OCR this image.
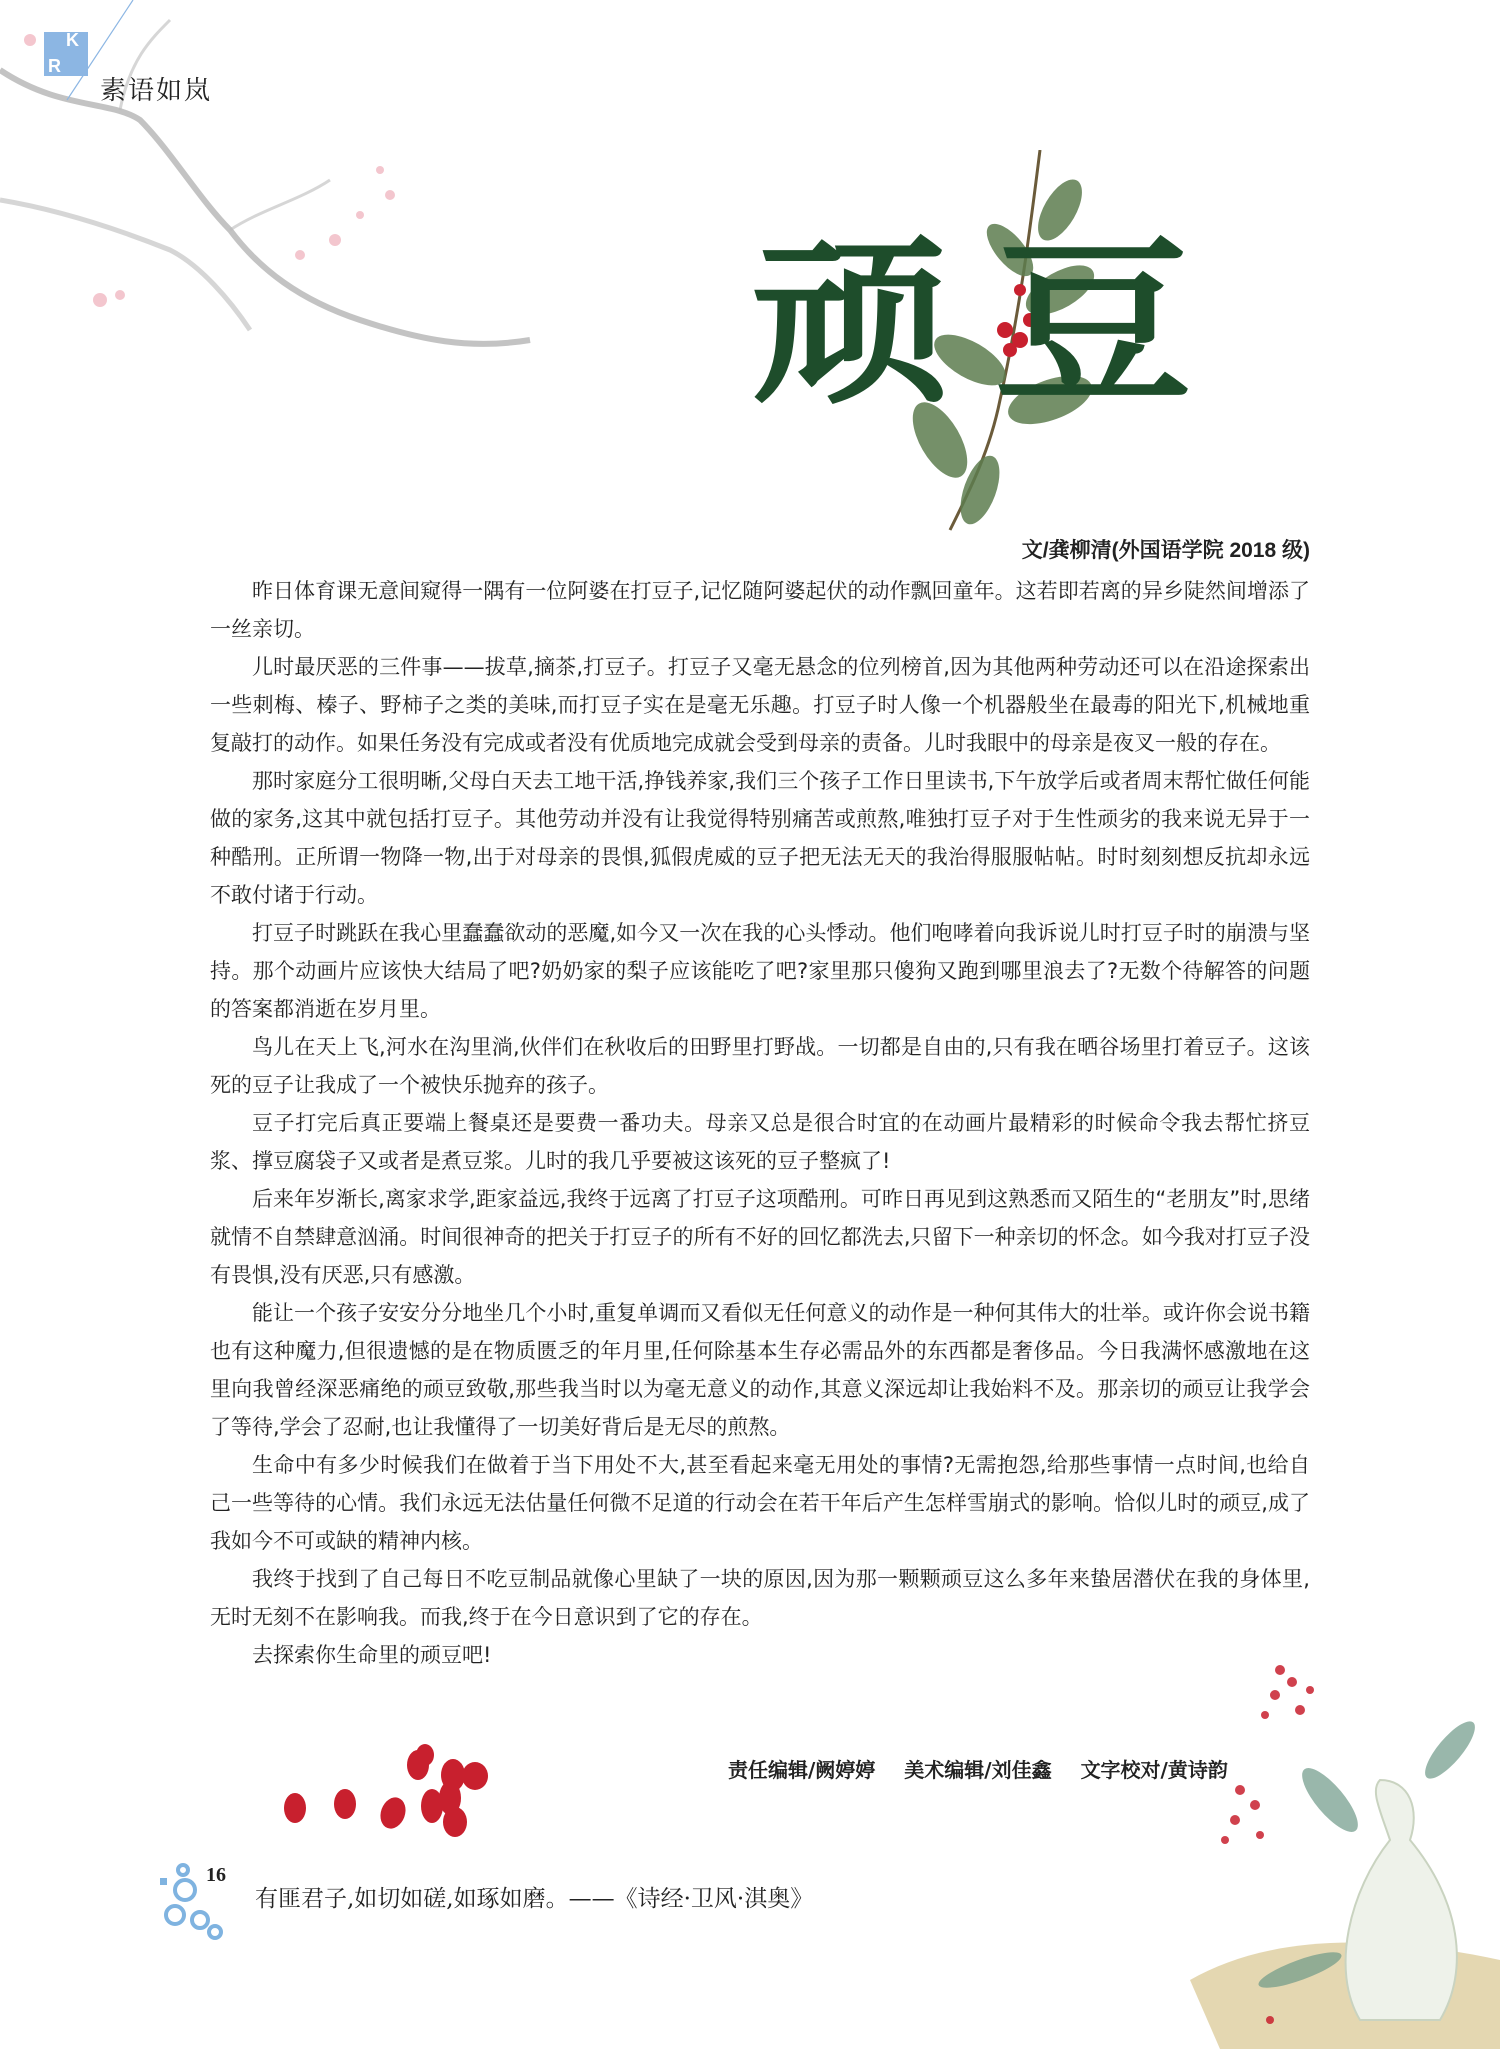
K
R
素语如岚
顽豆
文/龚柳清(外国语学院 2018 级)

昨日体育课无意间窥得一隅有一位阿婆在打豆子,记忆随阿婆起伏的动作飘回童年。这若即若离的异乡陡然间增添了一丝亲切。

儿时最厌恶的三件事——拔草,摘茶,打豆子。打豆子又毫无悬念的位列榜首,因为其他两种劳动还可以在沿途探索出一些刺梅、榛子、野柿子之类的美味,而打豆子实在是毫无乐趣。打豆子时人像一个机器般坐在最毒的阳光下,机械地重复敲打的动作。如果任务没有完成或者没有优质地完成就会受到母亲的责备。儿时我眼中的母亲是夜叉一般的存在。

那时家庭分工很明晰,父母白天去工地干活,挣钱养家,我们三个孩子工作日里读书,下午放学后或者周末帮忙做任何能做的家务,这其中就包括打豆子。其他劳动并没有让我觉得特别痛苦或煎熬,唯独打豆子对于生性顽劣的我来说无异于一种酷刑。正所谓一物降一物,出于对母亲的畏惧,狐假虎威的豆子把无法无天的我治得服服帖帖。时时刻刻想反抗却永远不敢付诸于行动。

打豆子时跳跃在我心里蠢蠢欲动的恶魔,如今又一次在我的心头悸动。他们咆哮着向我诉说儿时打豆子时的崩溃与坚持。那个动画片应该快大结局了吧?奶奶家的梨子应该能吃了吧?家里那只傻狗又跑到哪里浪去了?无数个待解答的问题的答案都消逝在岁月里。

鸟儿在天上飞,河水在沟里淌,伙伴们在秋收后的田野里打野战。一切都是自由的,只有我在晒谷场里打着豆子。这该死的豆子让我成了一个被快乐抛弃的孩子。

豆子打完后真正要端上餐桌还是要费一番功夫。母亲又总是很合时宜的在动画片最精彩的时候命令我去帮忙挤豆浆、撑豆腐袋子又或者是煮豆浆。儿时的我几乎要被这该死的豆子整疯了!

后来年岁渐长,离家求学,距家益远,我终于远离了打豆子这项酷刑。可昨日再见到这熟悉而又陌生的“老朋友”时,思绪就情不自禁肆意汹涌。时间很神奇的把关于打豆子的所有不好的回忆都洗去,只留下一种亲切的怀念。如今我对打豆子没有畏惧,没有厌恶,只有感激。

能让一个孩子安安分分地坐几个小时,重复单调而又看似无任何意义的动作是一种何其伟大的壮举。或许你会说书籍也有这种魔力,但很遗憾的是在物质匮乏的年月里,任何除基本生存必需品外的东西都是奢侈品。今日我满怀感激地在这里向我曾经深恶痛绝的顽豆致敬,那些我当时以为毫无意义的动作,其意义深远却让我始料不及。那亲切的顽豆让我学会了等待,学会了忍耐,也让我懂得了一切美好背后是无尽的煎熬。

生命中有多少时候我们在做着于当下用处不大,甚至看起来毫无用处的事情?无需抱怨,给那些事情一点时间,也给自己一些等待的心情。我们永远无法估量任何微不足道的行动会在若干年后产生怎样雪崩式的影响。恰似儿时的顽豆,成了我如今不可或缺的精神内核。

我终于找到了自己每日不吃豆制品就像心里缺了一块的原因,因为那一颗颗顽豆这么多年来蛰居潜伏在我的身体里,无时无刻不在影响我。而我,终于在今日意识到了它的存在。

去探索你生命里的顽豆吧!

责任编辑/阙婷婷 美术编辑/刘佳鑫 文字校对/黄诗韵
16
有匪君子,如切如磋,如琢如磨。——《诗经·卫风·淇奥》
